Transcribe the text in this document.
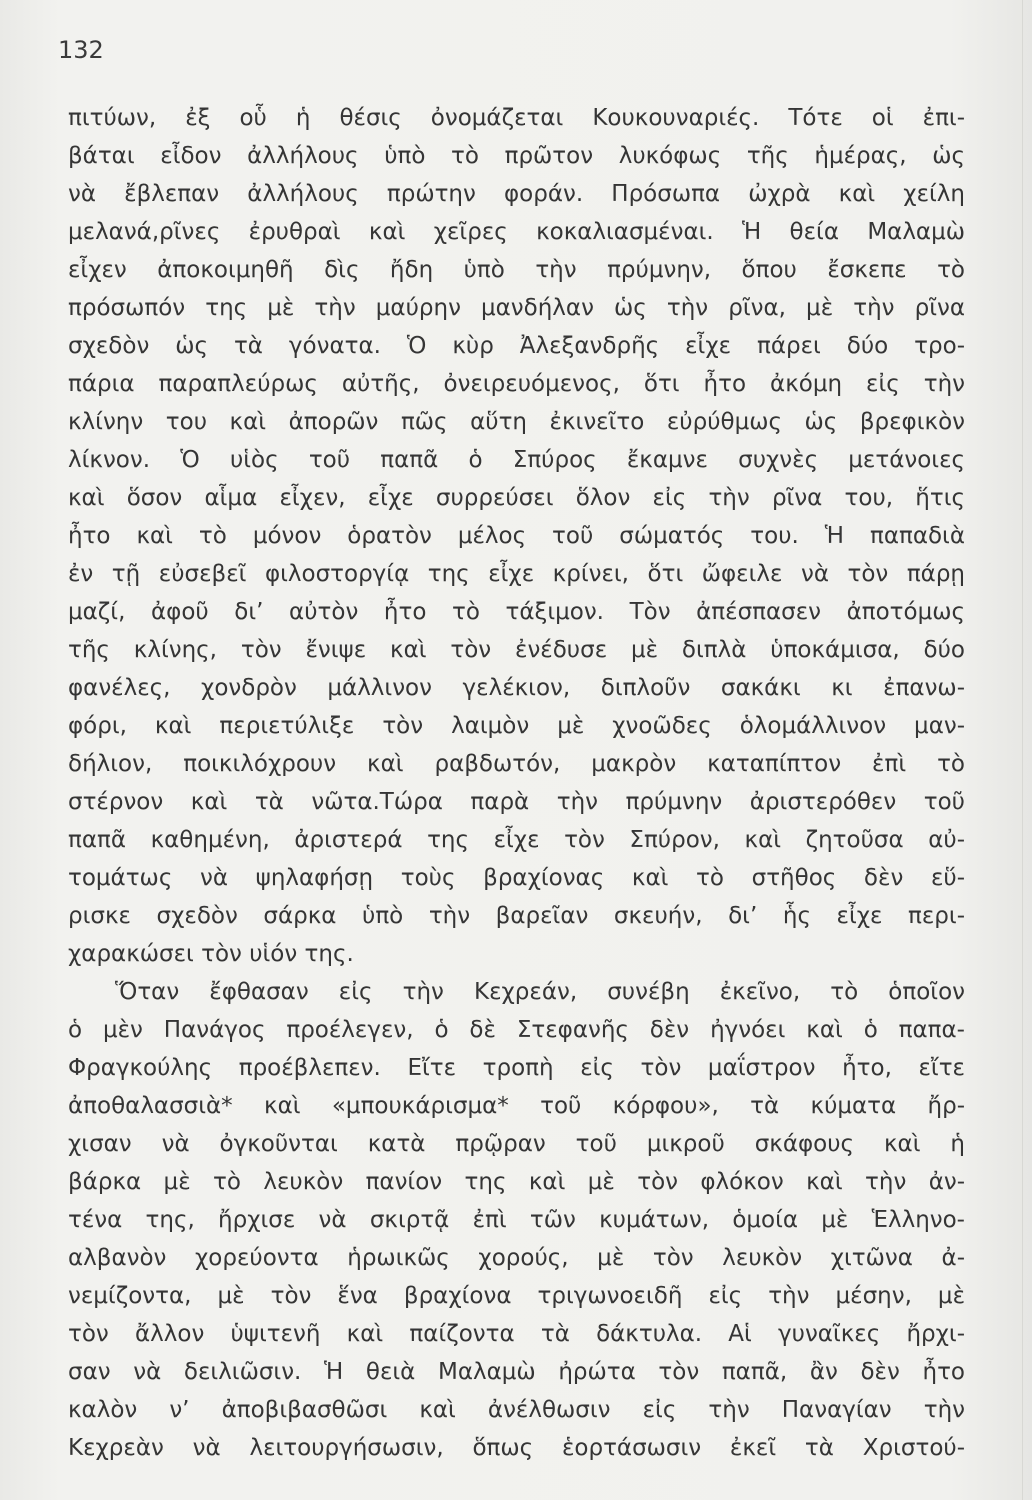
132
πιτύων, ἐξ οὗ ἡ θέσις ὀνομάζεται Κουκουναριές. Τότε οἱ ἐπι-
βάται εἶδον ἀλλήλους ὑπὸ τὸ πρῶτον λυκόφως τῆς ἡμέρας, ὡς
νὰ ἔβλεπαν ἀλλήλους πρώτην φοράν. Πρόσωπα ὠχρὰ καὶ χείλη
μελανά,ρῖνες ἐρυθραὶ καὶ χεῖρες κοκαλιασμέναι. Ἡ θεία Μαλαμὼ
εἶχεν ἀποκοιμηθῆ δὶς ἤδη ὑπὸ τὴν πρύμνην, ὅπου ἔσκεπε τὸ
πρόσωπόν της μὲ τὴν μαύρην μανδήλαν ὡς τὴν ρῖνα, μὲ τὴν ρῖνα
σχεδὸν ὡς τὰ γόνατα. Ὁ κὺρ Ἀλεξανδρῆς εἶχε πάρει δύο τρο-
πάρια παραπλεύρως αὐτῆς, ὀνειρευόμενος, ὅτι ἦτο ἀκόμη εἰς τὴν
κλίνην του καὶ ἀπορῶν πῶς αὕτη ἐκινεῖτο εὐρύθμως ὡς βρεφικὸν
λίκνον. Ὁ υἱὸς τοῦ παπᾶ ὁ Σπύρος ἔκαμνε συχνὲς μετάνοιες
καὶ ὅσον αἷμα εἶχεν, εἶχε συρρεύσει ὅλον εἰς τὴν ρῖνα του, ἥτις
ἦτο καὶ τὸ μόνον ὁρατὸν μέλος τοῦ σώματός του. Ἡ παπαδιὰ
ἐν τῇ εὐσεβεῖ φιλοστοργίᾳ της εἶχε κρίνει, ὅτι ὤφειλε νὰ τὸν πάρῃ
μαζί, ἀφοῦ δι’ αὐτὸν ἦτο τὸ τάξιμον. Τὸν ἀπέσπασεν ἀποτόμως
τῆς κλίνης, τὸν ἔνιψε καὶ τὸν ἐνέδυσε μὲ διπλὰ ὑποκάμισα, δύο
φανέλες, χονδρὸν μάλλινον γελέκιον, διπλοῦν σακάκι κι ἐπανω-
φόρι, καὶ περιετύλιξε τὸν λαιμὸν μὲ χνοῶδες ὁλομάλλινον μαν-
δήλιον, ποικιλόχρουν καὶ ραβδωτόν, μακρὸν καταπίπτον ἐπὶ τὸ
στέρνον καὶ τὰ νῶτα.Τώρα παρὰ τὴν πρύμνην ἀριστερόθεν τοῦ
παπᾶ καθημένη, ἀριστερά της εἶχε τὸν Σπύρον, καὶ ζητοῦσα αὐ-
τομάτως νὰ ψηλαφήσῃ τοὺς βραχίονας καὶ τὸ στῆθος δὲν εὕ-
ρισκε σχεδὸν σάρκα ὑπὸ τὴν βαρεῖαν σκευήν, δι’ ἧς εἶχε περι-
χαρακώσει τὸν υἱόν της.
Ὅταν ἔφθασαν εἰς τὴν Κεχρεάν, συνέβη ἐκεῖνο, τὸ ὁποῖον
ὁ μὲν Πανάγος προέλεγεν, ὁ δὲ Στεφανῆς δὲν ἠγνόει καὶ ὁ παπα-
Φραγκούλης προέβλεπεν. Εἴτε τροπὴ εἰς τὸν μαΐστρον ἦτο, εἴτε
ἀποθαλασσιὰ* καὶ «μπουκάρισμα* τοῦ κόρφου», τὰ κύματα ἤρ-
χισαν νὰ ὀγκοῦνται κατὰ πρῷραν τοῦ μικροῦ σκάφους καὶ ἡ
βάρκα μὲ τὸ λευκὸν πανίον της καὶ μὲ τὸν φλόκον καὶ τὴν ἀν-
τένα της, ἤρχισε νὰ σκιρτᾷ ἐπὶ τῶν κυμάτων, ὁμοία μὲ Ἑλληνο-
αλβανὸν χορεύοντα ἡρωικῶς χορούς, μὲ τὸν λευκὸν χιτῶνα ἀ-
νεμίζοντα, μὲ τὸν ἕνα βραχίονα τριγωνοειδῆ εἰς τὴν μέσην, μὲ
τὸν ἄλλον ὑψιτενῆ καὶ παίζοντα τὰ δάκτυλα. Αἱ γυναῖκες ἤρχι-
σαν νὰ δειλιῶσιν. Ἡ θειὰ Μαλαμὼ ἠρώτα τὸν παπᾶ, ἂν δὲν ἦτο
καλὸν ν’ ἀποβιβασθῶσι καὶ ἀνέλθωσιν εἰς τὴν Παναγίαν τὴν
Κεχρεὰν νὰ λειτουργήσωσιν, ὅπως ἑορτάσωσιν ἐκεῖ τὰ Χριστού-
